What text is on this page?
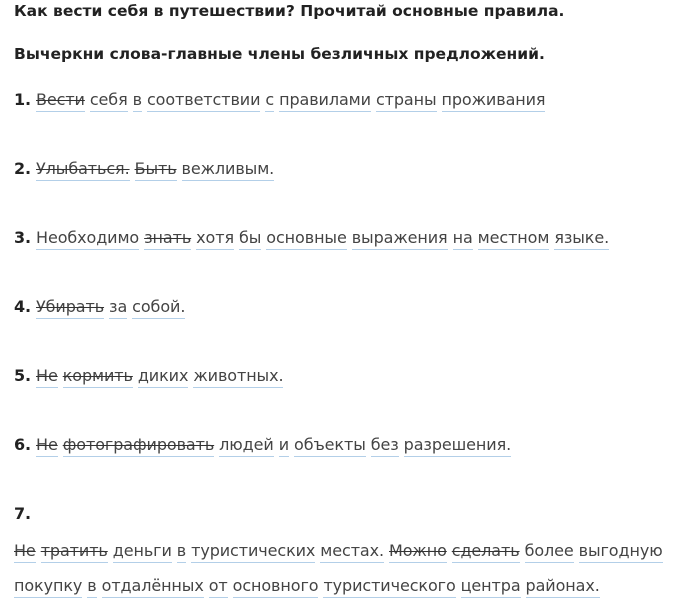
Как вести себя в путешествии? Прочитай основные правила.
Вычеркни слова-главные члены безличных предложений.
1. Вести себя в соответствии с правилами страны проживания
2. Улыбаться. Быть вежливым.
3. Необходимо знать хотя бы основные выражения на местном языке.
4. Убирать за собой.
5. Не кормить диких животных.
6. Не фотографировать людей и объекты без разрешения.
7.
Не тратить деньги в туристических местах. Можно сделать более выгодную
покупку в отдалённых от основного туристического центра районах.
